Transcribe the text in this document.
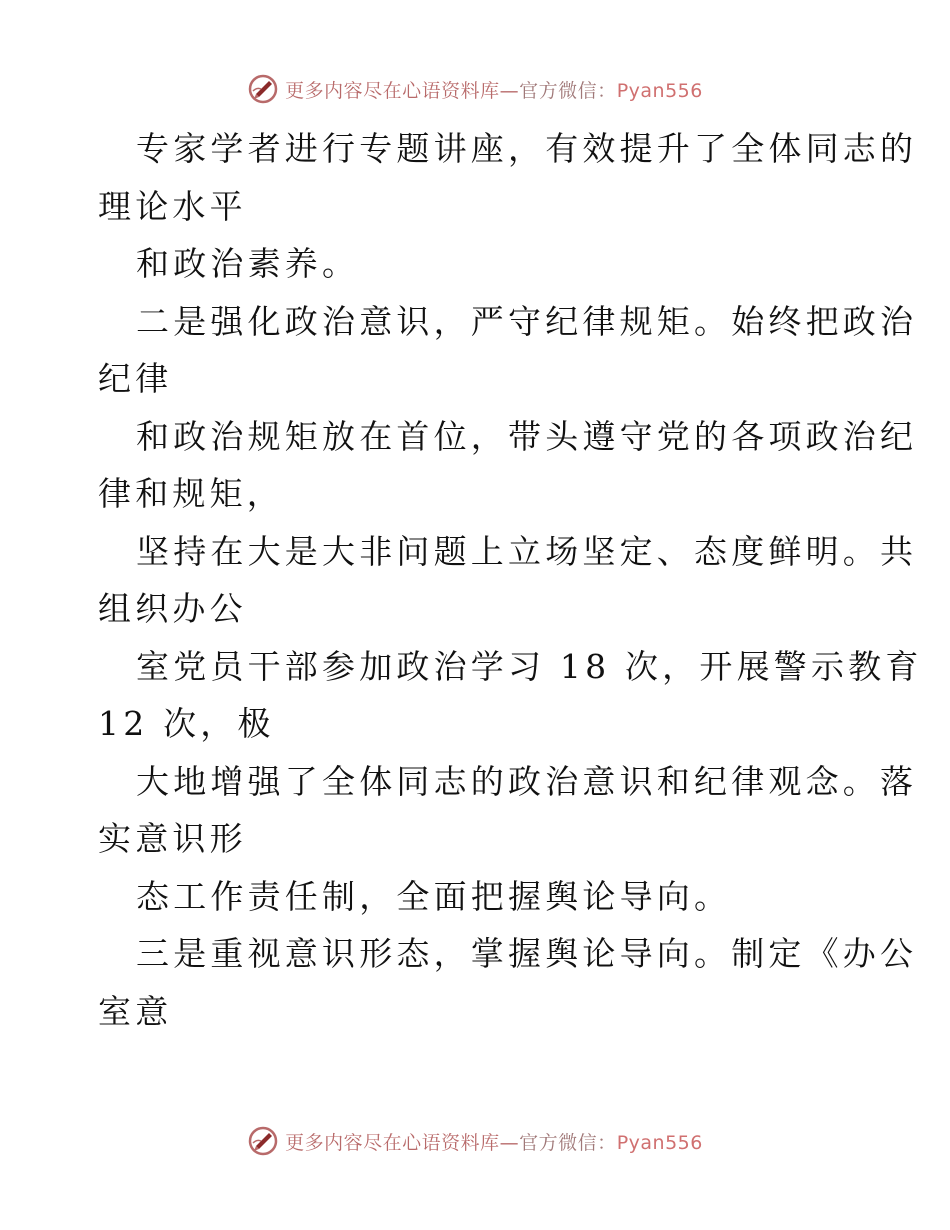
更多内容尽在心语资料库—官方微信：Pyan556
专家学者进行专题讲座，有效提升了全体同志的
理论水平
和政治素养。
二是强化政治意识，严守纪律规矩。始终把政治
纪律
和政治规矩放在首位，带头遵守党的各项政治纪
律和规矩，
坚持在大是大非问题上立场坚定、态度鲜明。共
组织办公
室党员干部参加政治学习 18 次，开展警示教育
12 次，极
大地增强了全体同志的政治意识和纪律观念。落
实意识形
态工作责任制，全面把握舆论导向。
三是重视意识形态，掌握舆论导向。制定《办公
室意
更多内容尽在心语资料库—官方微信：Pyan556
